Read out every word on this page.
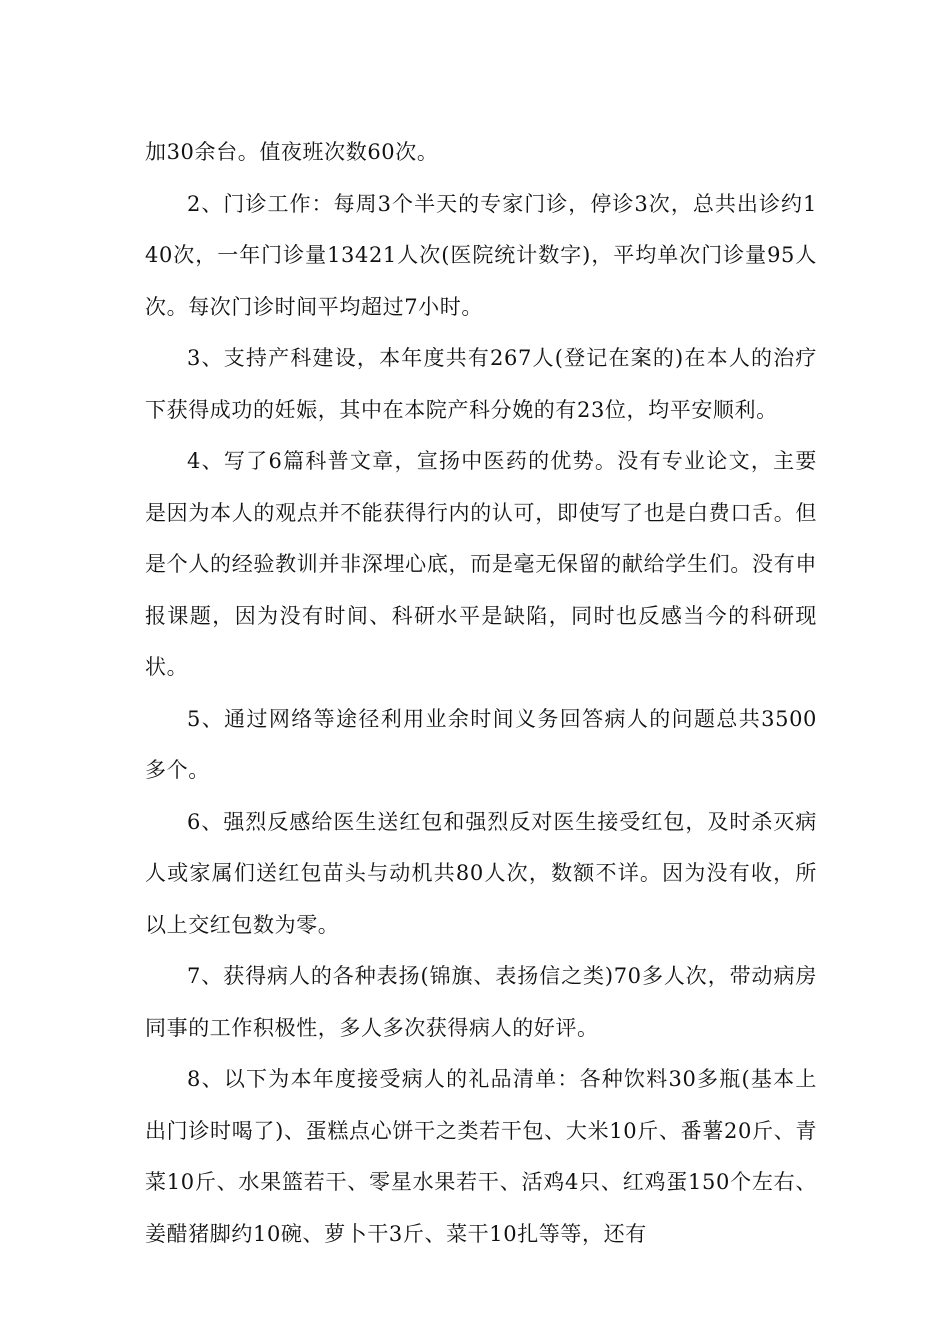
加30余台。值夜班次数60次。

2、门诊工作：每周3个半天的专家门诊，停诊3次，总共出诊约140次，一年门诊量13421人次(医院统计数字)，平均单次门诊量95人次。每次门诊时间平均超过7小时。

3、支持产科建设，本年度共有267人(登记在案的)在本人的治疗下获得成功的妊娠，其中在本院产科分娩的有23位，均平安顺利。

4、写了6篇科普文章，宣扬中医药的优势。没有专业论文，主要是因为本人的观点并不能获得行内的认可，即使写了也是白费口舌。但是个人的经验教训并非深埋心底，而是毫无保留的献给学生们。没有申报课题，因为没有时间、科研水平是缺陷，同时也反感当今的科研现状。

5、通过网络等途径利用业余时间义务回答病人的问题总共3500多个。

6、强烈反感给医生送红包和强烈反对医生接受红包，及时杀灭病人或家属们送红包苗头与动机共80人次，数额不详。因为没有收，所以上交红包数为零。

7、获得病人的各种表扬(锦旗、表扬信之类)70多人次，带动病房同事的工作积极性，多人多次获得病人的好评。

8、以下为本年度接受病人的礼品清单：各种饮料30多瓶(基本上出门诊时喝了)、蛋糕点心饼干之类若干包、大米10斤、番薯20斤、青菜10斤、水果篮若干、零星水果若干、活鸡4只、红鸡蛋150个左右、姜醋猪脚约10碗、萝卜干3斤、菜干10扎等等，还有
